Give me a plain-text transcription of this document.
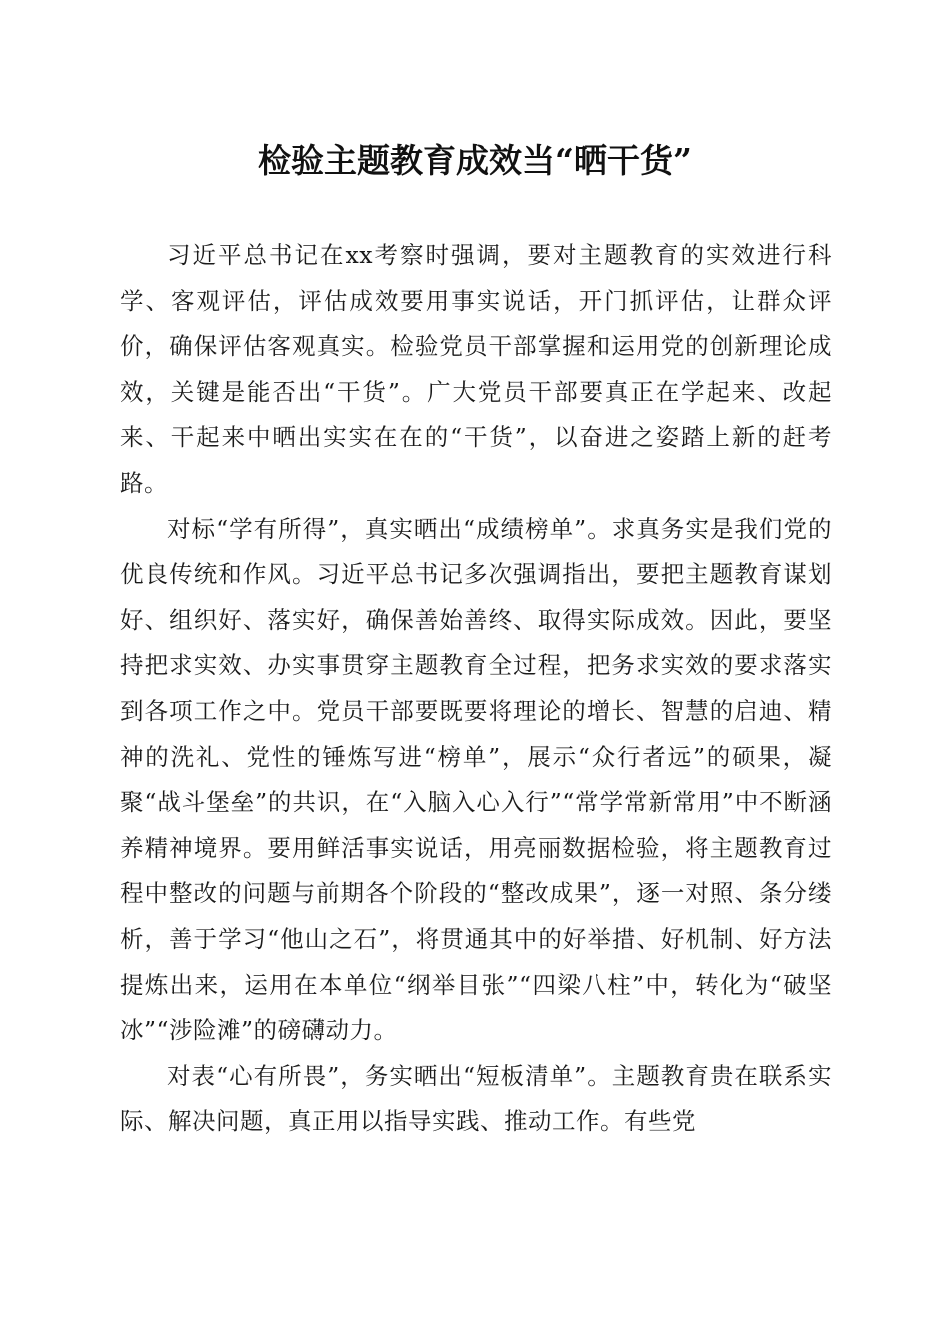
检验主题教育成效当“晒干货”

习近平总书记在xx考察时强调，要对主题教育的实效进行科学、客观评估，评估成效要用事实说话，开门抓评估，让群众评价，确保评估客观真实。检验党员干部掌握和运用党的创新理论成效，关键是能否出“干货”。广大党员干部要真正在学起来、改起来、干起来中晒出实实在在的“干货”，以奋进之姿踏上新的赶考路。

对标“学有所得”，真实晒出“成绩榜单”。求真务实是我们党的优良传统和作风。习近平总书记多次强调指出，要把主题教育谋划好、组织好、落实好，确保善始善终、取得实际成效。因此，要坚持把求实效、办实事贯穿主题教育全过程，把务求实效的要求落实到各项工作之中。党员干部要既要将理论的增长、智慧的启迪、精神的洗礼、党性的锤炼写进“榜单”，展示“众行者远”的硕果，凝聚“战斗堡垒”的共识，在“入脑入心入行”“常学常新常用”中不断涵养精神境界。要用鲜活事实说话，用亮丽数据检验，将主题教育过程中整改的问题与前期各个阶段的“整改成果”，逐一对照、条分缕析，善于学习“他山之石”，将贯通其中的好举措、好机制、好方法提炼出来，运用在本单位“纲举目张”“四梁八柱”中，转化为“破坚冰”“涉险滩”的磅礴动力。

对表“心有所畏”，务实晒出“短板清单”。主题教育贵在联系实际、解决问题，真正用以指导实践、推动工作。有些党
